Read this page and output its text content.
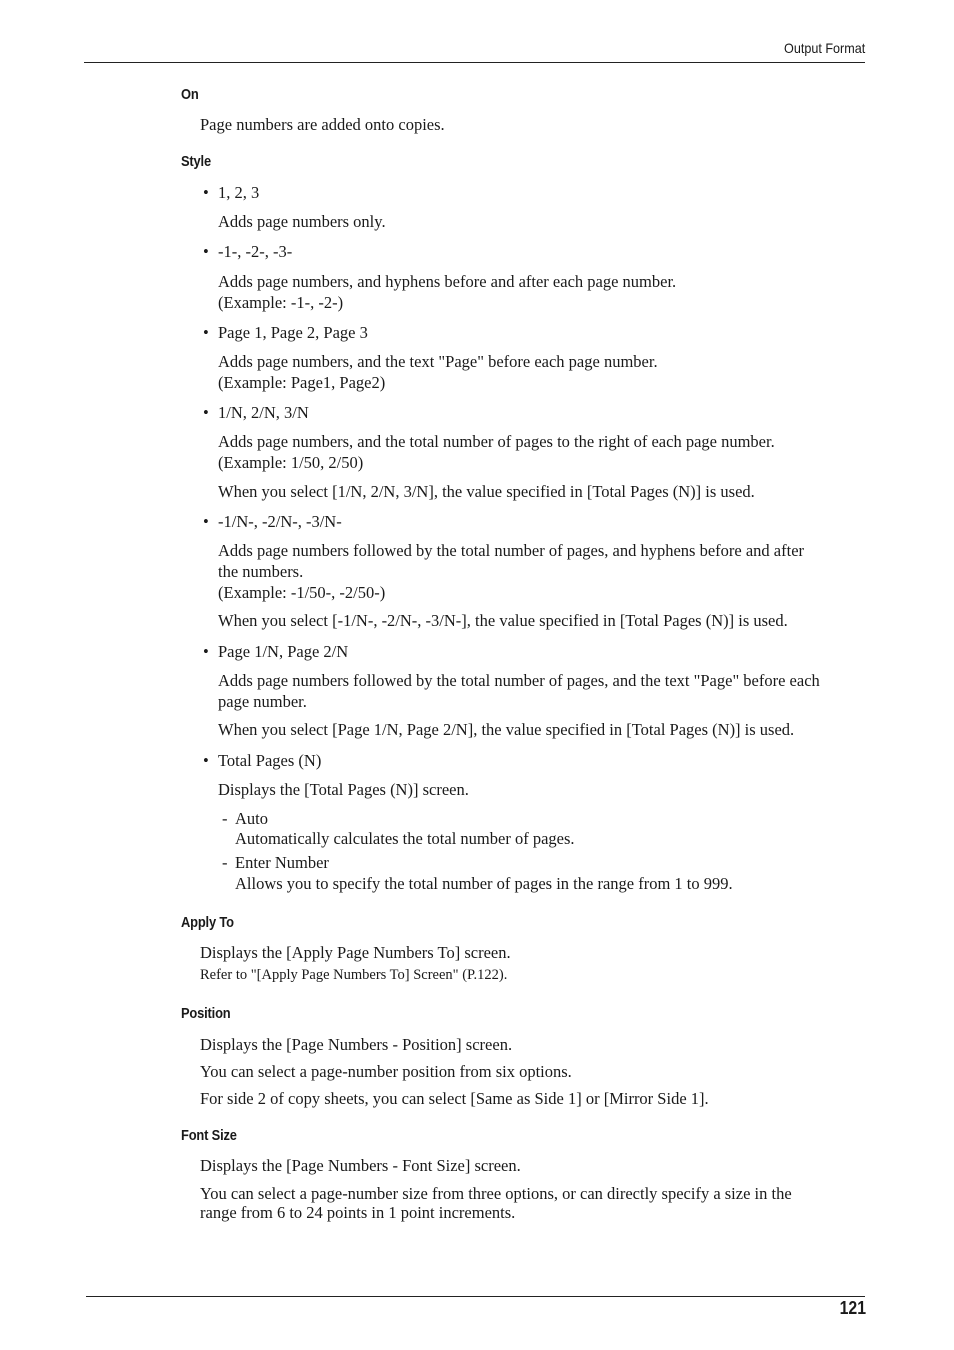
Output Format
On
Page numbers are added onto copies.
Style
• 1, 2, 3
Adds page numbers only.
• -1-, -2-, -3-
Adds page numbers, and hyphens before and after each page number.
(Example: -1-, -2-)
• Page 1, Page 2, Page 3
Adds page numbers, and the text "Page" before each page number.
(Example: Page1, Page2)
• 1/N, 2/N, 3/N
Adds page numbers, and the total number of pages to the right of each page number.
(Example: 1/50, 2/50)
When you select [1/N, 2/N, 3/N], the value specified in [Total Pages (N)] is used.
• -1/N-, -2/N-, -3/N-
Adds page numbers followed by the total number of pages, and hyphens before and after
the numbers.
(Example: -1/50-, -2/50-)
When you select [-1/N-, -2/N-, -3/N-], the value specified in [Total Pages (N)] is used.
• Page 1/N, Page 2/N
Adds page numbers followed by the total number of pages, and the text "Page" before each
page number.
When you select [Page 1/N, Page 2/N], the value specified in [Total Pages (N)] is used.
• Total Pages (N)
Displays the [Total Pages (N)] screen.
- Auto
Automatically calculates the total number of pages.
- Enter Number
Allows you to specify the total number of pages in the range from 1 to 999.
Apply To
Displays the [Apply Page Numbers To] screen.
Refer to "[Apply Page Numbers To] Screen" (P.122).
Position
Displays the [Page Numbers - Position] screen.
You can select a page-number position from six options.
For side 2 of copy sheets, you can select [Same as Side 1] or [Mirror Side 1].
Font Size
Displays the [Page Numbers - Font Size] screen.
You can select a page-number size from three options, or can directly specify a size in the
range from 6 to 24 points in 1 point increments.
121
